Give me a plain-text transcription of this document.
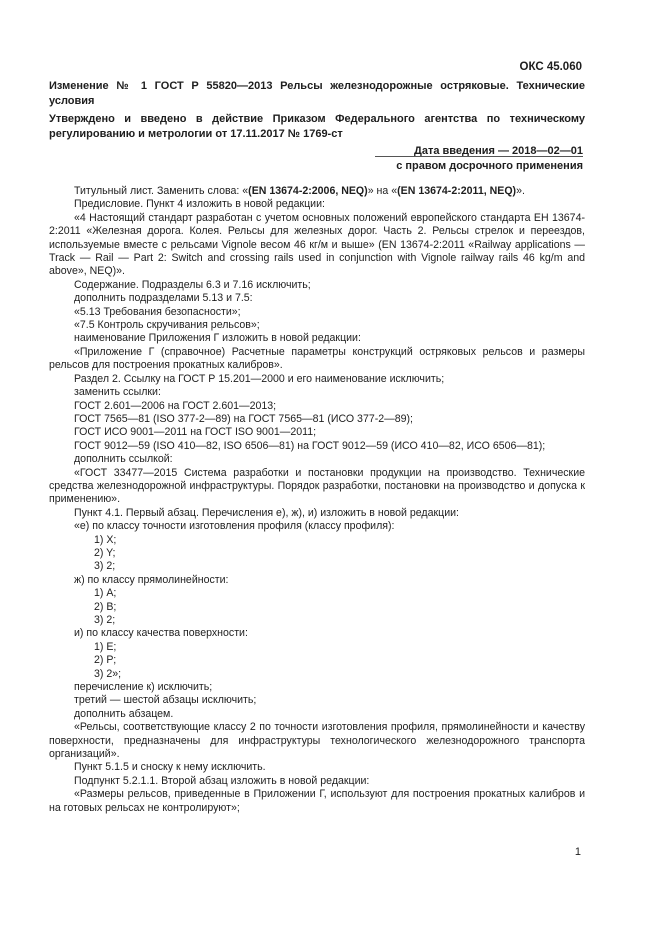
ОКС 45.060
Изменение № 1 ГОСТ Р 55820—2013 Рельсы железнодорожные остряковые. Технические условия
Утверждено и введено в действие Приказом Федерального агентства по техническому регулированию и метрологии от 17.11.2017 № 1769-ст
Дата введения — 2018—02—01
с правом досрочного применения

Титульный лист. Заменить слова: «(EN 13674-2:2006, NEQ)» на «(EN 13674-2:2011, NEQ)».

Предисловие. Пункт 4 изложить в новой редакции:

«4 Настоящий стандарт разработан с учетом основных положений европейского стандарта ЕН 13674-2:2011 «Железная дорога. Колея. Рельсы для железных дорог. Часть 2. Рельсы стрелок и переездов, используемые вместе с рельсами Vignole весом 46 кг/м и выше» (EN 13674-2:2011 «Railway applications — Track — Rail — Part 2: Switch and crossing rails used in conjunction with Vignole railway rails 46 kg/m and above», NEQ)».

Содержание. Подразделы 6.3 и 7.16 исключить;

дополнить подразделами 5.13 и 7.5:

«5.13 Требования безопасности»;

«7.5 Контроль скручивания рельсов»;

наименование Приложения Г изложить в новой редакции:

«Приложение Г (справочное) Расчетные параметры конструкций остряковых рельсов и размеры рельсов для построения прокатных калибров».

Раздел 2. Ссылку на ГОСТ Р 15.201—2000 и его наименование исключить;

заменить ссылки:

ГОСТ 2.601—2006 на ГОСТ 2.601—2013;

ГОСТ 7565—81 (ISO 377-2—89) на ГОСТ 7565—81 (ИСО 377-2—89);

ГОСТ ИСО 9001—2011 на ГОСТ ISO 9001—2011;

ГОСТ 9012—59 (ISO 410—82, ISO 6506—81) на ГОСТ 9012—59 (ИСО 410—82, ИСО 6506—81);

дополнить ссылкой:

«ГОСТ 33477—2015 Система разработки и постановки продукции на производство. Технические средства железнодорожной инфраструктуры. Порядок разработки, постановки на производство и допуска к применению».

Пункт 4.1. Первый абзац. Перечисления е), ж), и) изложить в новой редакции:

«е) по классу точности изготовления профиля (классу профиля):

1) X;

2) Y;

3) 2;

ж) по классу прямолинейности:

1) А;

2) В;

3) 2;

и) по классу качества поверхности:

1) Е;

2) Р;

3) 2»;

перечисление к) исключить;

третий — шестой абзацы исключить;

дополнить абзацем.

«Рельсы, соответствующие классу 2 по точности изготовления профиля, прямолинейности и качеству поверхности, предназначены для инфраструктуры технологического железнодорожного транспорта организаций».

Пункт 5.1.5 и сноску к нему исключить.

Подпункт 5.2.1.1. Второй абзац изложить в новой редакции:

«Размеры рельсов, приведенные в Приложении Г, используют для построения прокатных калибров и на готовых рельсах не контролируют»;

1
